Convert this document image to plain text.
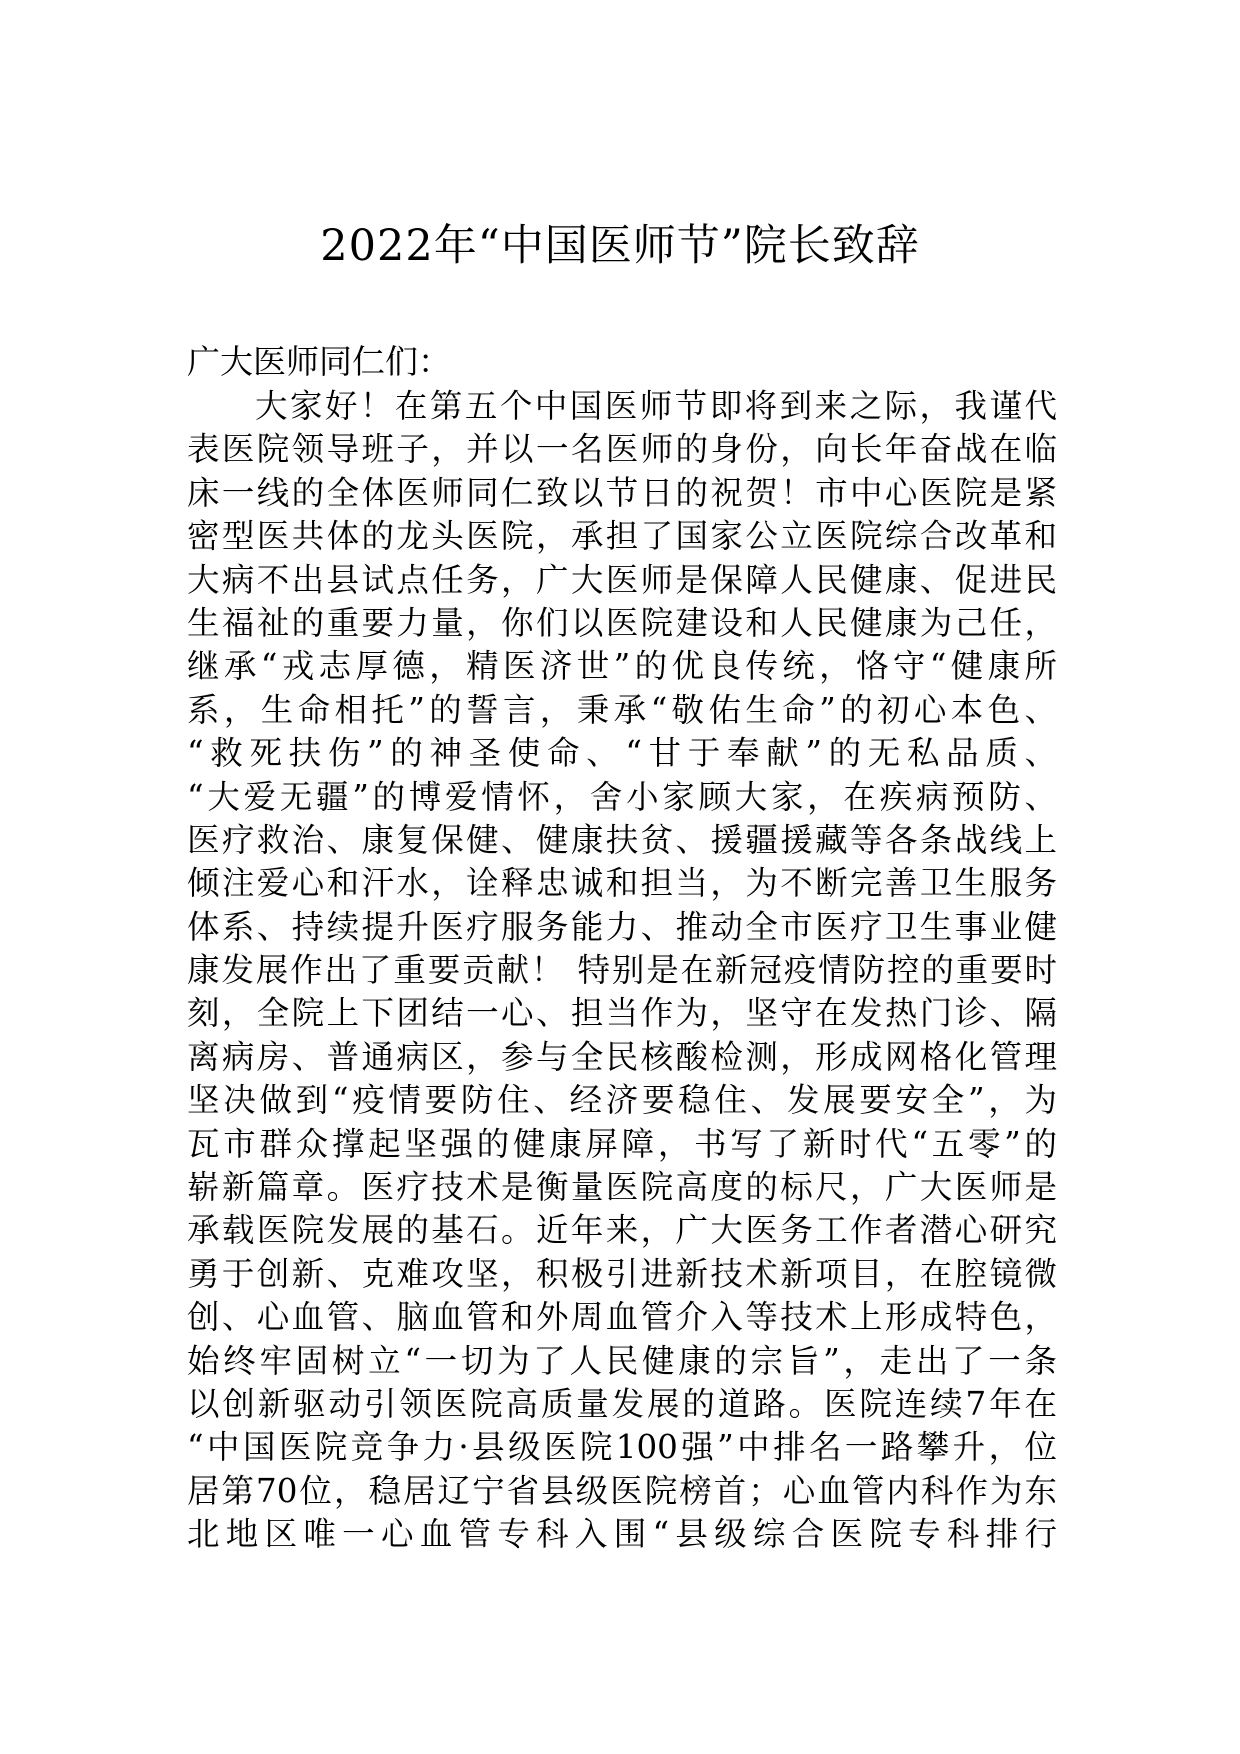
2022年“中国医师节”院长致辞

广大医师同仁们：

大家好！在第五个中国医师节即将到来之际，我谨代
表医院领导班子，并以一名医师的身份，向长年奋战在临
床一线的全体医师同仁致以节日的祝贺！市中心医院是紧
密型医共体的龙头医院，承担了国家公立医院综合改革和
大病不出县试点任务，广大医师是保障人民健康、促进民
生福祉的重要力量，你们以医院建设和人民健康为己任，
继承“戎志厚德，精医济世”的优良传统，恪守“健康所
系，生命相托”的誓言，秉承“敬佑生命”的初心本色、
“救死扶伤”的神圣使命、“甘于奉献”的无私品质、
“大爱无疆”的博爱情怀，舍小家顾大家，在疾病预防、
医疗救治、康复保健、健康扶贫、援疆援藏等各条战线上
倾注爱心和汗水，诠释忠诚和担当，为不断完善卫生服务
体系、持续提升医疗服务能力、推动全市医疗卫生事业健
康发展作出了重要贡献！ 特别是在新冠疫情防控的重要时
刻，全院上下团结一心、担当作为，坚守在发热门诊、隔
离病房、普通病区，参与全民核酸检测，形成网格化管理
坚决做到“疫情要防住、经济要稳住、发展要安全”，为
瓦市群众撑起坚强的健康屏障，书写了新时代“五零”的
崭新篇章。医疗技术是衡量医院高度的标尺，广大医师是
承载医院发展的基石。近年来，广大医务工作者潜心研究
勇于创新、克难攻坚，积极引进新技术新项目，在腔镜微
创、心血管、脑血管和外周血管介入等技术上形成特色，
始终牢固树立“一切为了人民健康的宗旨”，走出了一条
以创新驱动引领医院高质量发展的道路。医院连续7年在
“中国医院竞争力·县级医院100强”中排名一路攀升，位
居第70位，稳居辽宁省县级医院榜首；心血管内科作为东
北地区唯一心血管专科入围“县级综合医院专科排行
